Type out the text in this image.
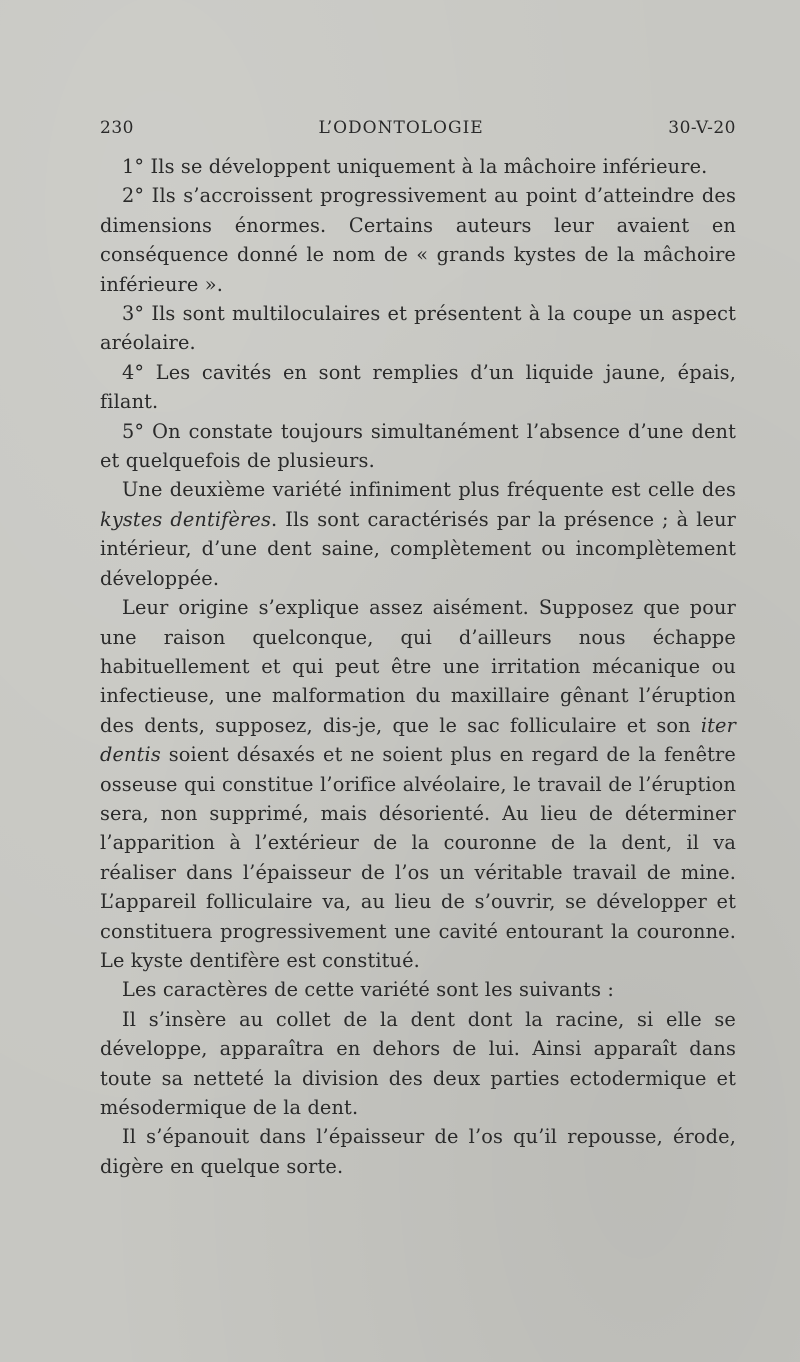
230	L’ODONTOLOGIE	30-V-20

1° Ils se développent uniquement à la mâchoire inférieure.

2° Ils s’accroissent progressivement au point d’atteindre des dimensions énormes. Certains auteurs leur avaient en conséquence donné le nom de « grands kystes de la mâchoire inférieure ».

3° Ils sont multiloculaires et présentent à la coupe un aspect aréolaire.

4° Les cavités en sont remplies d’un liquide jaune, épais, filant.

5° On constate toujours simultanément l’absence d’une dent et quelquefois de plusieurs.

Une deuxième variété infiniment plus fréquente est celle des kystes dentifères. Ils sont caractérisés par la présence ; à leur intérieur, d’une dent saine, complètement ou incomplètement développée.

Leur origine s’explique assez aisément. Supposez que pour une raison quelconque, qui d’ailleurs nous échappe habituellement et qui peut être une irritation mécanique ou infectieuse, une malformation du maxillaire gênant l’éruption des dents, supposez, dis-je, que le sac folliculaire et son iter dentis soient désaxés et ne soient plus en regard de la fenêtre osseuse qui constitue l’orifice alvéolaire, le travail de l’éruption sera, non supprimé, mais désorienté. Au lieu de déterminer l’apparition à l’extérieur de la couronne de la dent, il va réaliser dans l’épaisseur de l’os un véritable travail de mine. L’appareil folliculaire va, au lieu de s’ouvrir, se développer et constituera progressivement une cavité entourant la couronne. Le kyste dentifère est constitué.

Les caractères de cette variété sont les suivants :

Il s’insère au collet de la dent dont la racine, si elle se développe, apparaîtra en dehors de lui. Ainsi apparaît dans toute sa netteté la division des deux parties ectodermique et mésodermique de la dent.

Il s’épanouit dans l’épaisseur de l’os qu’il repousse, érode, digère en quelque sorte.
